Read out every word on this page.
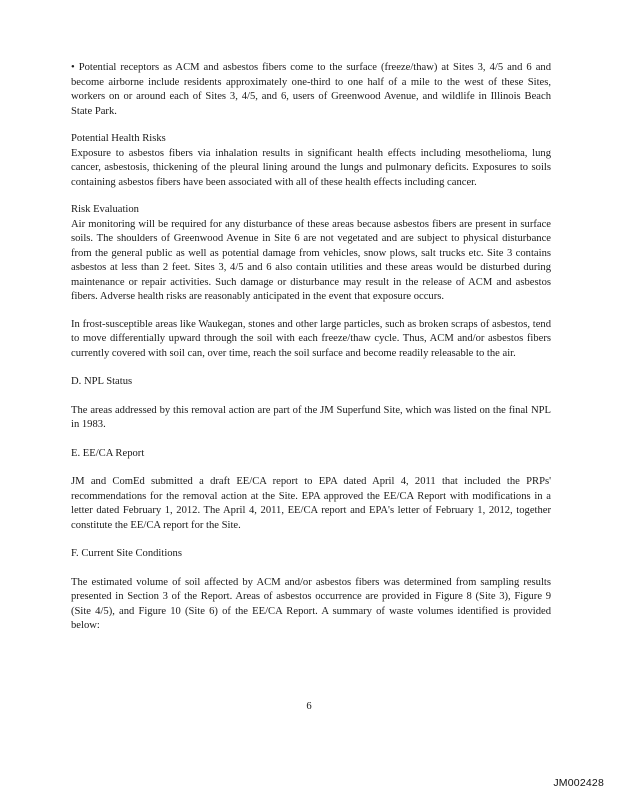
• Potential receptors as ACM and asbestos fibers come to the surface (freeze/thaw) at Sites 3, 4/5 and 6 and become airborne include residents approximately one-third to one half of a mile to the west of these Sites, workers on or around each of Sites 3, 4/5, and 6, users of Greenwood Avenue, and wildlife in Illinois Beach State Park.

Potential Health Risks

Exposure to asbestos fibers via inhalation results in significant health effects including mesothelioma, lung cancer, asbestosis, thickening of the pleural lining around the lungs and pulmonary deficits. Exposures to soils containing asbestos fibers have been associated with all of these health effects including cancer.

Risk Evaluation

Air monitoring will be required for any disturbance of these areas because asbestos fibers are present in surface soils. The shoulders of Greenwood Avenue in Site 6 are not vegetated and are subject to physical disturbance from the general public as well as potential damage from vehicles, snow plows, salt trucks etc. Site 3 contains asbestos at less than 2 feet. Sites 3, 4/5 and 6 also contain utilities and these areas would be disturbed during maintenance or repair activities. Such damage or disturbance may result in the release of ACM and asbestos fibers. Adverse health risks are reasonably anticipated in the event that exposure occurs.

In frost-susceptible areas like Waukegan, stones and other large particles, such as broken scraps of asbestos, tend to move differentially upward through the soil with each freeze/thaw cycle. Thus, ACM and/or asbestos fibers currently covered with soil can, over time, reach the soil surface and become readily releasable to the air.

D. NPL Status

The areas addressed by this removal action are part of the JM Superfund Site, which was listed on the final NPL in 1983.

E. EE/CA Report

JM and ComEd submitted a draft EE/CA report to EPA dated April 4, 2011 that included the PRPs' recommendations for the removal action at the Site. EPA approved the EE/CA Report with modifications in a letter dated February 1, 2012. The April 4, 2011, EE/CA report and EPA's letter of February 1, 2012, together constitute the EE/CA report for the Site.

F. Current Site Conditions

The estimated volume of soil affected by ACM and/or asbestos fibers was determined from sampling results presented in Section 3 of the Report. Areas of asbestos occurrence are provided in Figure 8 (Site 3), Figure 9 (Site 4/5), and Figure 10 (Site 6) of the EE/CA Report. A summary of waste volumes identified is provided below:

6
JM002428
